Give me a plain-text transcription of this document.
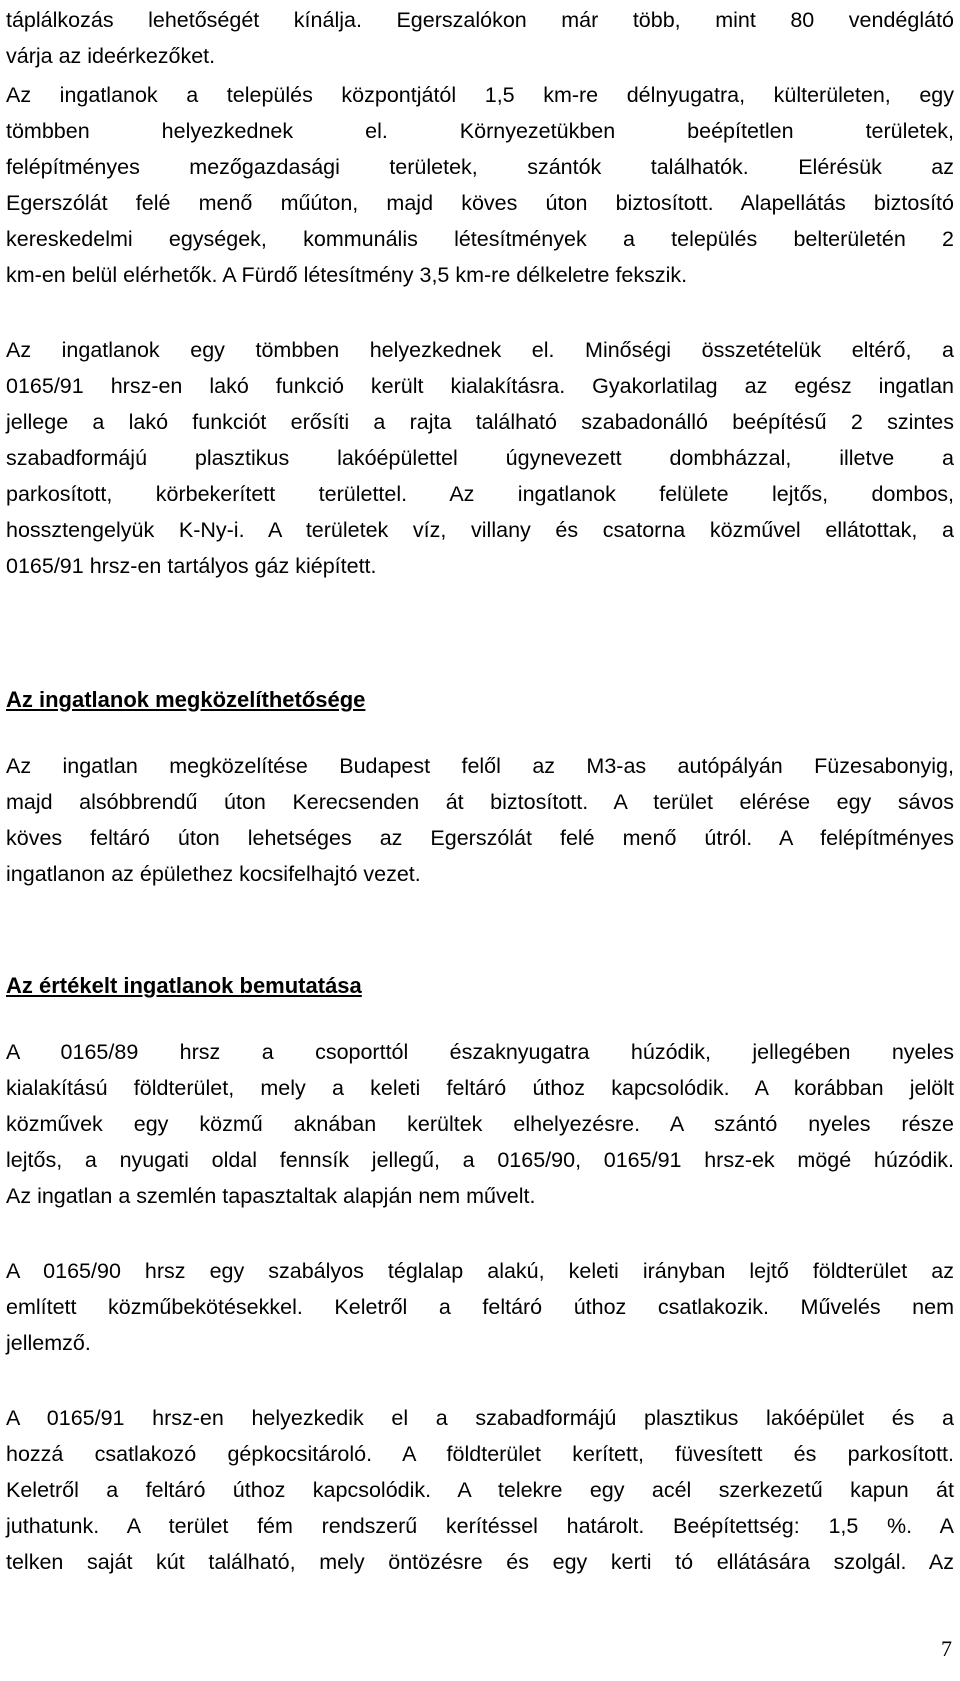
táplálkozás lehetőségét kínálja. Egerszalókon már több, mint 80 vendéglátó
várja az ideérkezőket.

Az ingatlanok a település központjától 1,5 km-re délnyugatra, külterületen, egy
tömbben helyezkednek el. Környezetükben beépítetlen területek,
felépítményes mezőgazdasági területek, szántók találhatók. Elérésük az
Egerszólát felé menő műúton, majd köves úton biztosított. Alapellátás biztosító
kereskedelmi egységek, kommunális létesítmények a település belterületén 2
km-en belül elérhetők. A Fürdő létesítmény 3,5 km-re délkeletre fekszik.

Az ingatlanok egy tömbben helyezkednek el. Minőségi összetételük eltérő, a
0165/91 hrsz-en lakó funkció került kialakításra. Gyakorlatilag az egész ingatlan
jellege a lakó funkciót erősíti a rajta található szabadonálló beépítésű 2 szintes
szabadformájú plasztikus lakóépülettel úgynevezett dombházzal, illetve a
parkosított, körbekerített területtel. Az ingatlanok felülete lejtős, dombos,
hossztengelyük K-Ny-i. A területek víz, villany és csatorna közművel ellátottak, a
0165/91 hrsz-en tartályos gáz kiépített.

Az ingatlanok megközelíthetősége

Az ingatlan megközelítése Budapest felől az M3-as autópályán Füzesabonyig,
majd alsóbbrendű úton Kerecsenden át biztosított. A terület elérése egy sávos
köves feltáró úton lehetséges az Egerszólát felé menő útról. A felépítményes
ingatlanon az épülethez kocsifelhajtó vezet.

Az értékelt ingatlanok bemutatása

A 0165/89 hrsz a csoporttól északnyugatra húzódik, jellegében nyeles
kialakítású földterület, mely a keleti feltáró úthoz kapcsolódik. A korábban jelölt
közművek egy közmű aknában kerültek elhelyezésre. A szántó nyeles része
lejtős, a nyugati oldal fennsík jellegű, a 0165/90, 0165/91 hrsz-ek mögé húzódik.
Az ingatlan a szemlén tapasztaltak alapján nem művelt.

A 0165/90 hrsz egy szabályos téglalap alakú, keleti irányban lejtő földterület az
említett közműbekötésekkel. Keletről a feltáró úthoz csatlakozik. Művelés nem
jellemző.

A 0165/91 hrsz-en helyezkedik el a szabadformájú plasztikus lakóépület és a
hozzá csatlakozó gépkocsitároló. A földterület kerített, füvesített és parkosított.
Keletről a feltáró úthoz kapcsolódik. A telekre egy acél szerkezetű kapun át
juthatunk. A terület fém rendszerű kerítéssel határolt. Beépítettség: 1,5 %. A
telken saját kút található, mely öntözésre és egy kerti tó ellátására szolgál. Az

7
